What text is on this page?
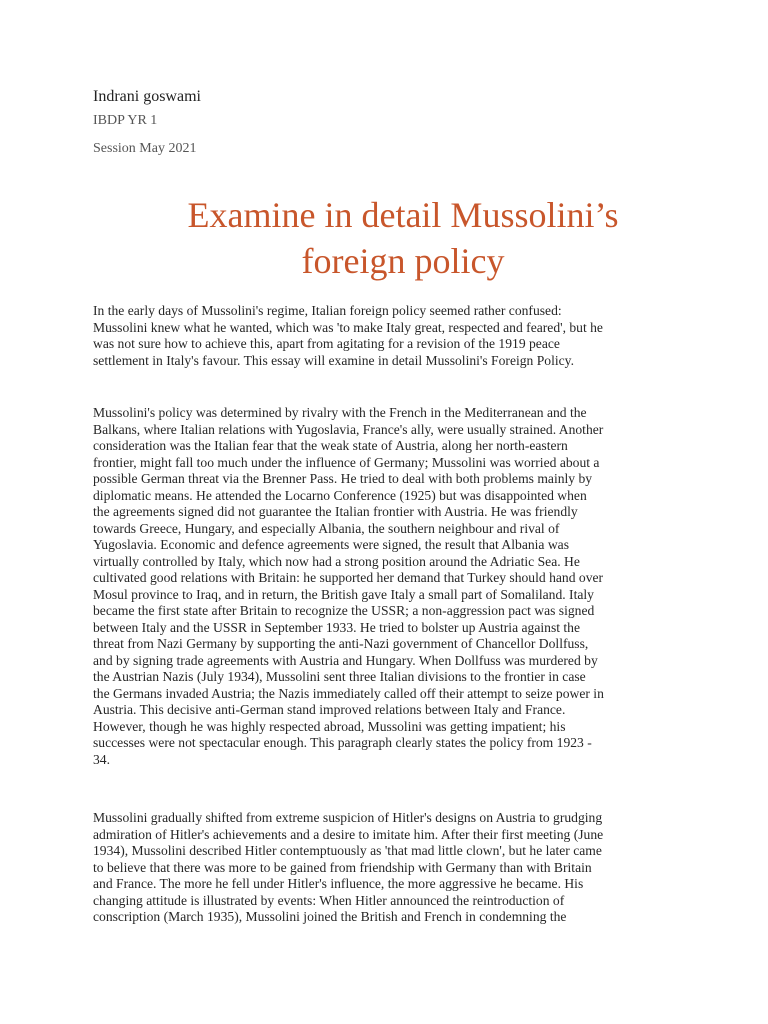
Indrani goswami

IBDP YR 1

Session May 2021

Examine in detail Mussolini’s
foreign policy

In the early days of Mussolini's regime, Italian foreign policy seemed rather confused:
Mussolini knew what he wanted, which was 'to make Italy great, respected and feared', but he
was not sure how to achieve this, apart from agitating for a revision of the 1919 peace
settlement in Italy's favour. This essay will examine in detail Mussolini's Foreign Policy.

Mussolini's policy was determined by rivalry with the French in the Mediterranean and the
Balkans, where Italian relations with Yugoslavia, France's ally, were usually strained. Another
consideration was the Italian fear that the weak state of Austria, along her north-eastern
frontier, might fall too much under the influence of Germany; Mussolini was worried about a
possible German threat via the Brenner Pass. He tried to deal with both problems mainly by
diplomatic means. He attended the Locarno Conference (1925) but was disappointed when
the agreements signed did not guarantee the Italian frontier with Austria. He was friendly
towards Greece, Hungary, and especially Albania, the southern neighbour and rival of
Yugoslavia. Economic and defence agreements were signed, the result that Albania was
virtually controlled by Italy, which now had a strong position around the Adriatic Sea. He
cultivated good relations with Britain: he supported her demand that Turkey should hand over
Mosul province to Iraq, and in return, the British gave Italy a small part of Somaliland. Italy
became the first state after Britain to recognize the USSR; a non-aggression pact was signed
between Italy and the USSR in September 1933. He tried to bolster up Austria against the
threat from Nazi Germany by supporting the anti-Nazi government of Chancellor Dollfuss,
and by signing trade agreements with Austria and Hungary. When Dollfuss was murdered by
the Austrian Nazis (July 1934), Mussolini sent three Italian divisions to the frontier in case
the Germans invaded Austria; the Nazis immediately called off their attempt to seize power in
Austria. This decisive anti-German stand improved relations between Italy and France.
However, though he was highly respected abroad, Mussolini was getting impatient; his
successes were not spectacular enough. This paragraph clearly states the policy from 1923 -
34.

Mussolini gradually shifted from extreme suspicion of Hitler's designs on Austria to grudging
admiration of Hitler's achievements and a desire to imitate him. After their first meeting (June
1934), Mussolini described Hitler contemptuously as 'that mad little clown', but he later came
to believe that there was more to be gained from friendship with Germany than with Britain
and France. The more he fell under Hitler's influence, the more aggressive he became. His
changing attitude is illustrated by events: When Hitler announced the reintroduction of
conscription (March 1935), Mussolini joined the British and French in condemning the
